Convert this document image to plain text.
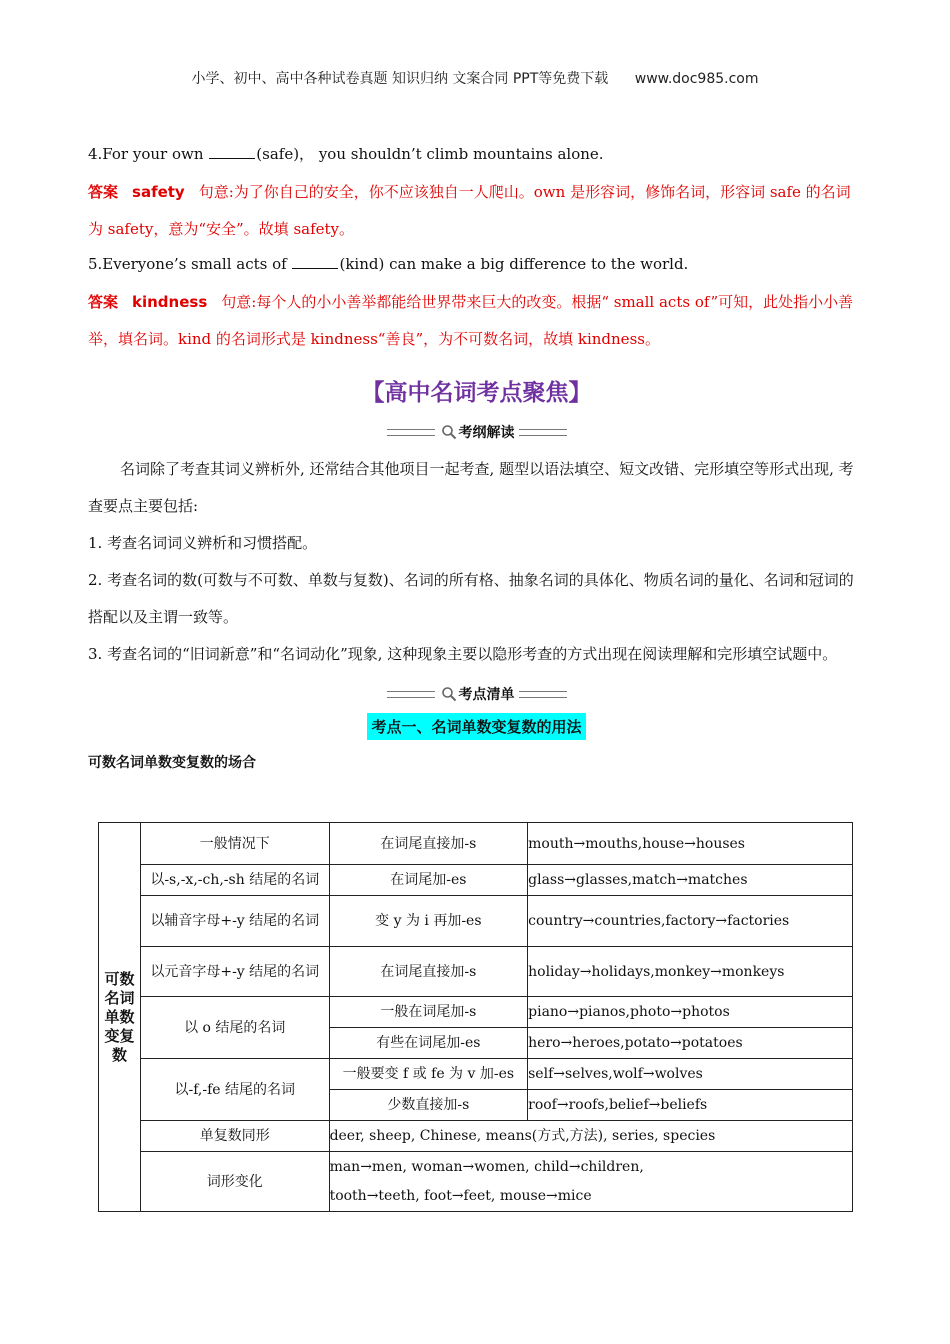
小学、初中、高中各种试卷真题 知识归纳 文案合同 PPT等免费下载 www.doc985.com

4.For your own	(safe)， you shouldn’t climb mountains alone.

答案 safety 句意:为了你自己的安全，你不应该独自一人爬山。own 是形容词，修饰名词，形容词 safe 的名词为 safety，意为“安全”。故填 safety。

5.Everyone’s small acts of	(kind) can make a big difference to the world.

答案 kindness 句意:每个人的小小善举都能给世界带来巨大的改变。根据“ small acts of”可知，此处指小小善举，填名词。kind 的名词形式是 kindness“善良”，为不可数名词，故填 kindness。

【高中名词考点聚焦】
考纲解读

名词除了考查其词义辨析外, 还常结合其他项目一起考查, 题型以语法填空、短文改错、完形填空等形式出现, 考查要点主要包括:

1. 考查名词词义辨析和习惯搭配。

2. 考查名词的数(可数与不可数、单数与复数)、名词的所有格、抽象名词的具体化、物质名词的量化、名词和冠词的搭配以及主谓一致等。

3. 考查名词的“旧词新意”和“名词动化”现象, 这种现象主要以隐形考查的方式出现在阅读理解和完形填空试题中。

考点清单
考点一、名词单数变复数的用法
可数名词单数变复数的场合
可数名词单数变复数	一般情况下	在词尾直接加-s	mouth→mouths,house→houses
	以-s,-x,-ch,-sh 结尾的名词	在词尾加-es	glass→glasses,match→matches
	以辅音字母+-y 结尾的名词	变 y 为 i 再加-es	country→countries,factory→factories
	以元音字母+-y 结尾的名词	在词尾直接加-s	holiday→holidays,monkey→monkeys
	以 o 结尾的名词	一般在词尾加-s	piano→pianos,photo→photos
		有些在词尾加-es	hero→heroes,potato→potatoes
	以-f,-fe 结尾的名词	一般要变 f 或 fe 为 v 加-es	self→selves,wolf→wolves
		少数直接加-s	roof→roofs,belief→beliefs
	单复数同形	deer, sheep, Chinese, means(方式,方法), series, species	
	词形变化	man→men, woman→women, child→children,
tooth→teeth, foot→feet, mouse→mice	
